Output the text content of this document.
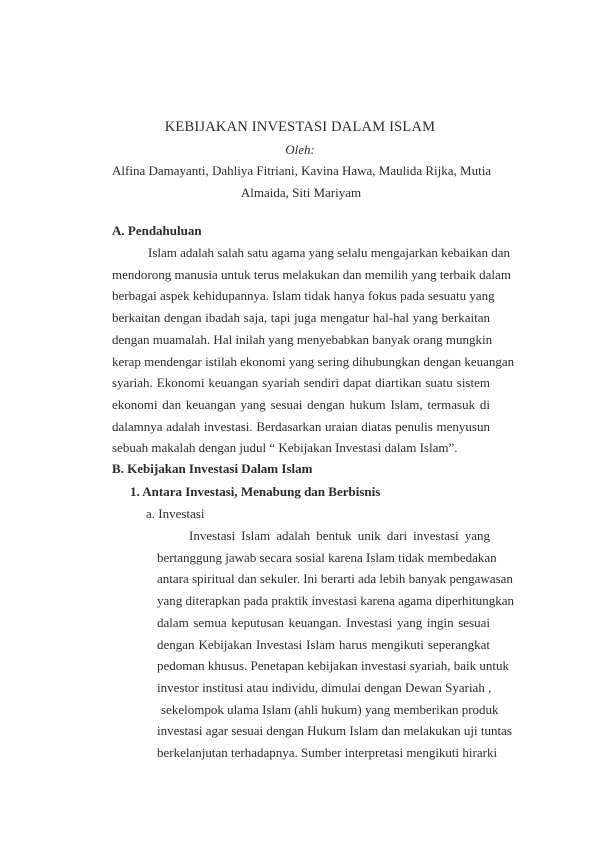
KEBIJAKAN INVESTASI DALAM ISLAM
Oleh:
Alfina Damayanti, Dahliya Fitriani, Kavina Hawa, Maulida Rijka, Mutia
Almaida, Siti Mariyam
A. Pendahuluan
Islam adalah salah satu agama yang selalu mengajarkan kebaikan dan
mendorong manusia untuk terus melakukan dan memilih yang terbaik dalam
berbagai aspek kehidupannya. Islam tidak hanya fokus pada sesuatu yang
berkaitan dengan ibadah saja, tapi juga mengatur hal-hal yang berkaitan
dengan muamalah. Hal inilah yang menyebabkan banyak orang mungkin
kerap mendengar istilah ekonomi yang sering dihubungkan dengan keuangan
syariah. Ekonomi keuangan syariah sendiri dapat diartikan suatu sistem
ekonomi dan keuangan yang sesuai dengan hukum Islam, termasuk di
dalamnya adalah investasi. Berdasarkan uraian diatas penulis menyusun
sebuah makalah dengan judul “ Kebijakan Investasi dalam Islam”.
B. Kebijakan Investasi Dalam Islam
1. Antara Investasi, Menabung dan Berbisnis
a. Investasi
Investasi Islam adalah bentuk unik dari investasi yang
bertanggung jawab secara sosial karena Islam tidak membedakan
antara spiritual dan sekuler. Ini berarti ada lebih banyak pengawasan
yang diterapkan pada praktik investasi karena agama diperhitungkan
dalam semua keputusan keuangan. Investasi yang ingin sesuai
dengan Kebijakan Investasi Islam harus mengikuti seperangkat
pedoman khusus. Penetapan kebijakan investasi syariah, baik untuk
investor institusi atau individu, dimulai dengan Dewan Syariah ,
sekelompok ulama Islam (ahli hukum) yang memberikan produk
investasi agar sesuai dengan Hukum Islam dan melakukan uji tuntas
berkelanjutan terhadapnya. Sumber interpretasi mengikuti hirarki
